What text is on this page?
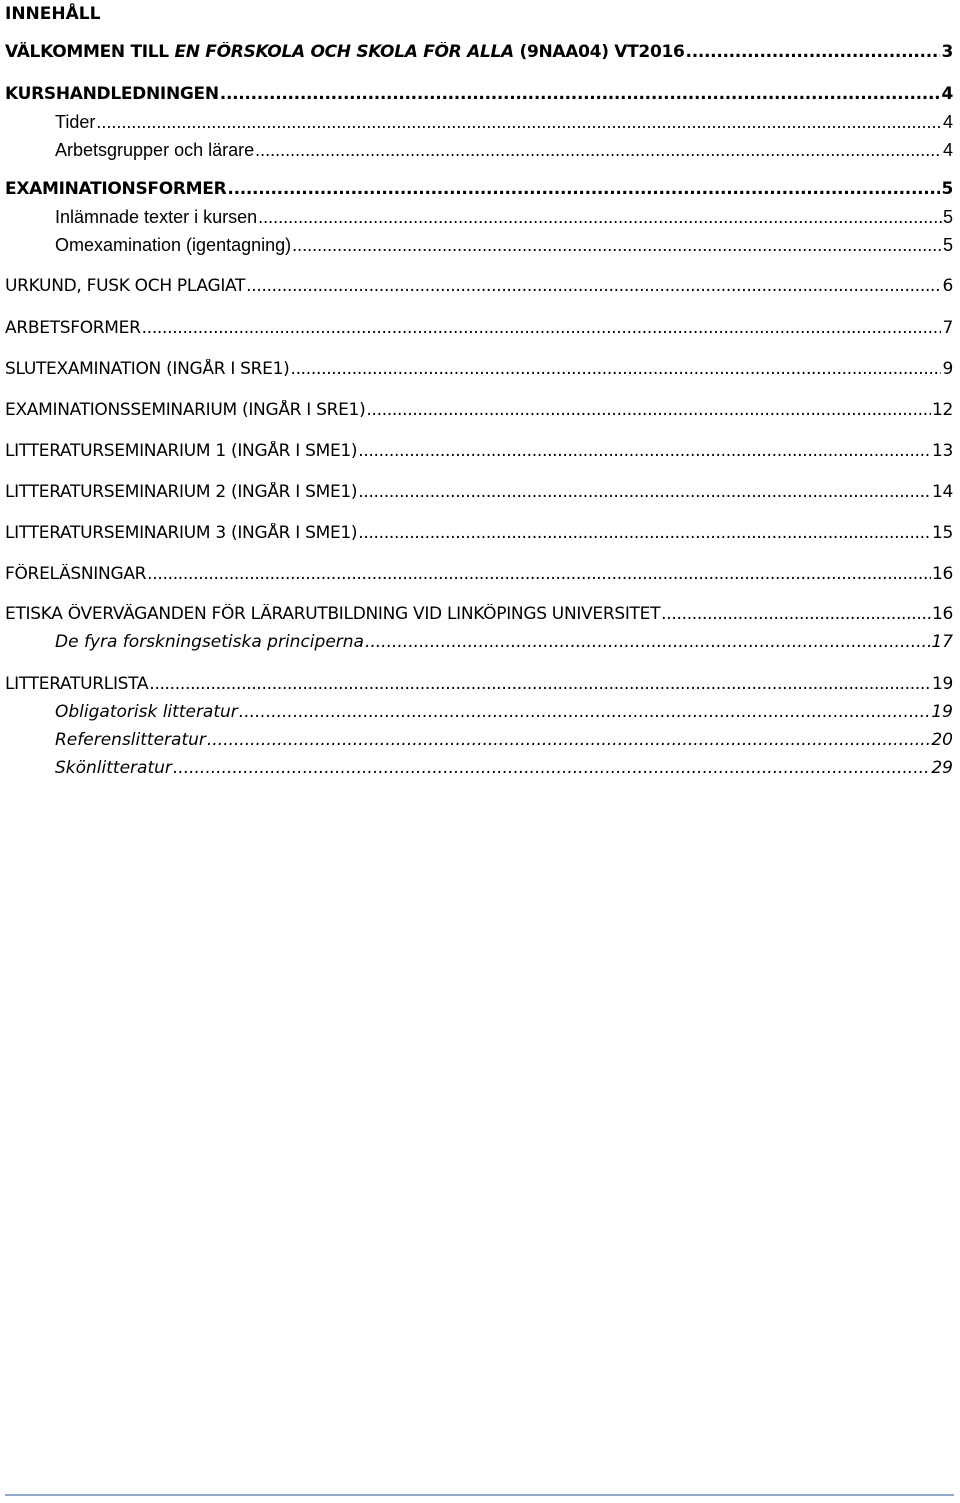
INNEHÅLL
VÄLKOMMEN TILL EN FÖRSKOLA OCH SKOLA FÖR ALLA (9NAA04) VT2016 .....	3
KURSHANDLEDNINGEN .....	4
Tider .....	4
Arbetsgrupper och lärare .....	4
EXAMINATIONSFORMER .....	5
Inlämnade texter i kursen .....	5
Omexamination (igentagning) .....	5
URKUND, FUSK OCH PLAGIAT .....	6
ARBETSFORMER .....	7
SLUTEXAMINATION (INGÅR I SRE1) .....	9
EXAMINATIONSSEMINARIUM (INGÅR I SRE1) .....	12
LITTERATURSEMINARIUM 1 (INGÅR I SME1) .....	13
LITTERATURSEMINARIUM 2 (INGÅR I SME1) .....	14
LITTERATURSEMINARIUM 3 (INGÅR I SME1) .....	15
FÖRELÄSNINGAR .....	16
ETISKA ÖVERVÄGANDEN FÖR LÄRARUTBILDNING VID LINKÖPINGS UNIVERSITET .....	16
De fyra forskningsetiska principerna .....	17
LITTERATURLISTA .....	19
Obligatorisk litteratur .....	19
Referenslitteratur .....	20
Skönlitteratur .....	29
